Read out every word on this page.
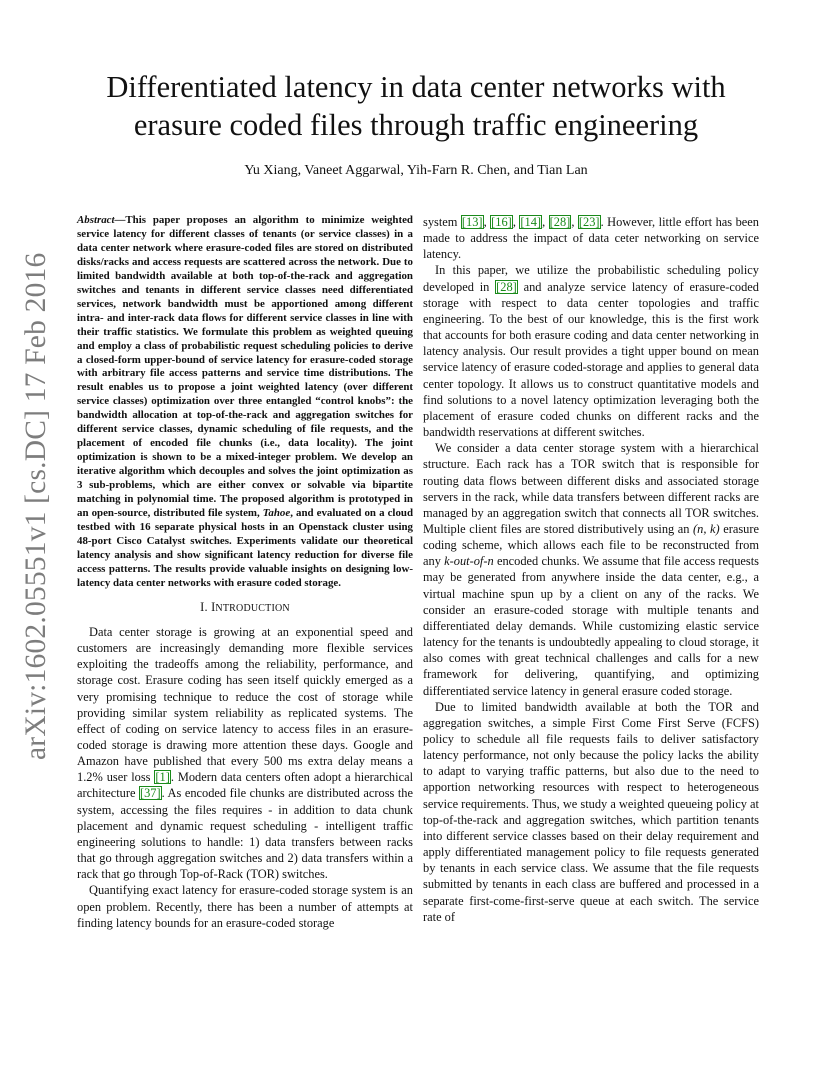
arXiv:1602.05551v1 [cs.DC] 17 Feb 2016
Differentiated latency in data center networks with erasure coded files through traffic engineering
Yu Xiang, Vaneet Aggarwal, Yih-Farn R. Chen, and Tian Lan

Abstract—This paper proposes an algorithm to minimize weighted service latency for different classes of tenants (or service classes) in a data center network where erasure-coded files are stored on distributed disks/racks and access requests are scattered across the network. Due to limited bandwidth available at both top-of-the-rack and aggregation switches and tenants in different service classes need differentiated services, network bandwidth must be apportioned among different intra- and inter-rack data flows for different service classes in line with their traffic statistics. We formulate this problem as weighted queuing and employ a class of probabilistic request scheduling policies to derive a closed-form upper-bound of service latency for erasure-coded storage with arbitrary file access patterns and service time distributions. The result enables us to propose a joint weighted latency (over different service classes) optimization over three entangled “control knobs”: the bandwidth allocation at top-of-the-rack and aggregation switches for different service classes, dynamic scheduling of file requests, and the placement of encoded file chunks (i.e., data locality). The joint optimization is shown to be a mixed-integer problem. We develop an iterative algorithm which decouples and solves the joint optimization as 3 sub-problems, which are either convex or solvable via bipartite matching in polynomial time. The proposed algorithm is prototyped in an open-source, distributed file system, Tahoe, and evaluated on a cloud testbed with 16 separate physical hosts in an Openstack cluster using 48-port Cisco Catalyst switches. Experiments validate our theoretical latency analysis and show significant latency reduction for diverse file access patterns. The results provide valuable insights on designing low-latency data center networks with erasure coded storage.

I. INTRODUCTION

Data center storage is growing at an exponential speed and customers are increasingly demanding more flexible services exploiting the tradeoffs among the reliability, performance, and storage cost. Erasure coding has seen itself quickly emerged as a very promising technique to reduce the cost of storage while providing similar system reliability as replicated systems. The effect of coding on service latency to access files in an erasure-coded storage is drawing more attention these days. Google and Amazon have published that every 500 ms extra delay means a 1.2% user loss [1]. Modern data centers often adopt a hierarchical architecture [37]. As encoded file chunks are distributed across the system, accessing the files requires - in addition to data chunk placement and dynamic request scheduling - intelligent traffic engineering solutions to handle: 1) data transfers between racks that go through aggregation switches and 2) data transfers within a rack that go through Top-of-Rack (TOR) switches.

Quantifying exact latency for erasure-coded storage system is an open problem. Recently, there has been a number of attempts at finding latency bounds for an erasure-coded storage

system [13], [16], [14], [28], [23]. However, little effort has been made to address the impact of data ceter networking on service latency.

In this paper, we utilize the probabilistic scheduling policy developed in [28] and analyze service latency of erasure-coded storage with respect to data center topologies and traffic engineering. To the best of our knowledge, this is the first work that accounts for both erasure coding and data center networking in latency analysis. Our result provides a tight upper bound on mean service latency of erasure coded-storage and applies to general data center topology. It allows us to construct quantitative models and find solutions to a novel latency optimization leveraging both the placement of erasure coded chunks on different racks and the bandwidth reservations at different switches.

We consider a data center storage system with a hierarchical structure. Each rack has a TOR switch that is responsible for routing data flows between different disks and associated storage servers in the rack, while data transfers between different racks are managed by an aggregation switch that connects all TOR switches. Multiple client files are stored distributively using an (n, k) erasure coding scheme, which allows each file to be reconstructed from any k-out-of-n encoded chunks. We assume that file access requests may be generated from anywhere inside the data center, e.g., a virtual machine spun up by a client on any of the racks. We consider an erasure-coded storage with multiple tenants and differentiated delay demands. While customizing elastic service latency for the tenants is undoubtedly appealing to cloud storage, it also comes with great technical challenges and calls for a new framework for delivering, quantifying, and optimizing differentiated service latency in general erasure coded storage.

Due to limited bandwidth available at both the TOR and aggregation switches, a simple First Come First Serve (FCFS) policy to schedule all file requests fails to deliver satisfactory latency performance, not only because the policy lacks the ability to adapt to varying traffic patterns, but also due to the need to apportion networking resources with respect to heterogeneous service requirements. Thus, we study a weighted queueing policy at top-of-the-rack and aggregation switches, which partition tenants into different service classes based on their delay requirement and apply differentiated management policy to file requests generated by tenants in each service class. We assume that the file requests submitted by tenants in each class are buffered and processed in a separate first-come-first-serve queue at each switch. The service rate of
